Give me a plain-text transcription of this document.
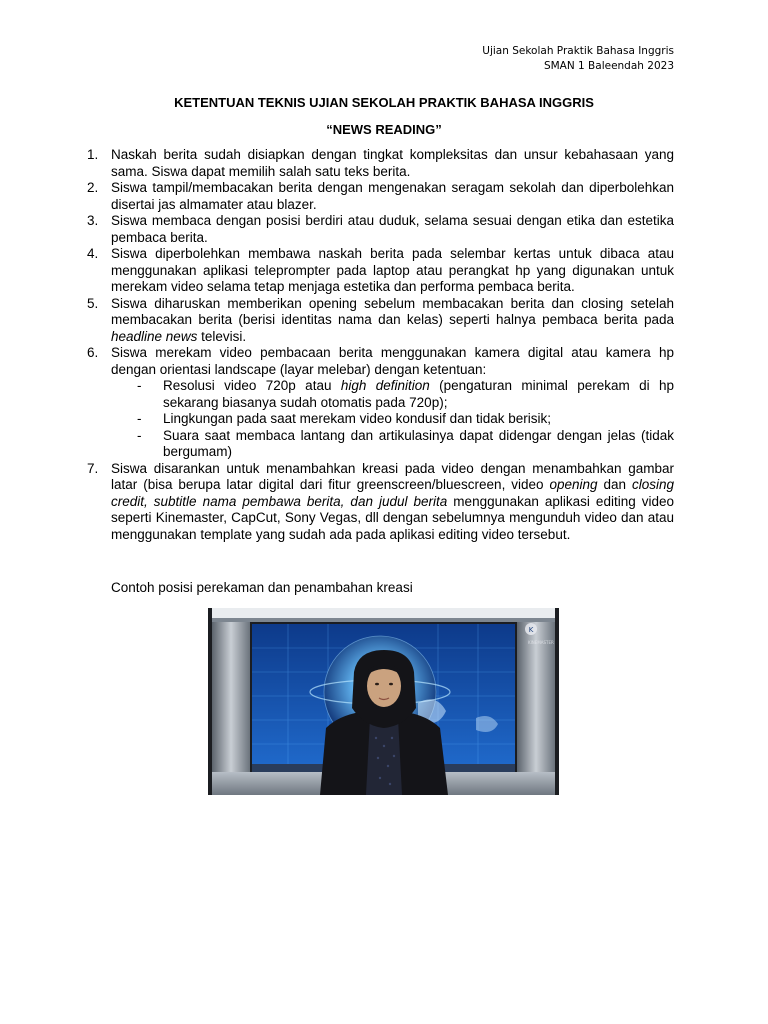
Ujian Sekolah Praktik Bahasa Inggris
SMAN 1 Baleendah 2023
KETENTUAN TEKNIS UJIAN SEKOLAH PRAKTIK BAHASA INGGRIS
“NEWS READING”
1. Naskah berita sudah disiapkan dengan tingkat kompleksitas dan unsur kebahasaan yang sama. Siswa dapat memilih salah satu teks berita.
2. Siswa tampil/membacakan berita dengan mengenakan seragam sekolah dan diperbolehkan disertai jas almamater atau blazer.
3. Siswa membaca dengan posisi berdiri atau duduk, selama sesuai dengan etika dan estetika pembaca berita.
4. Siswa diperbolehkan membawa naskah berita pada selembar kertas untuk dibaca atau menggunakan aplikasi teleprompter pada laptop atau perangkat hp yang digunakan untuk merekam video selama tetap menjaga estetika dan performa pembaca berita.
5. Siswa diharuskan memberikan opening sebelum membacakan berita dan closing setelah membacakan berita (berisi identitas nama dan kelas) seperti halnya pembaca berita pada headline news televisi.
6. Siswa merekam video pembacaan berita menggunakan kamera digital atau kamera hp dengan orientasi landscape (layar melebar) dengan ketentuan:
- Resolusi video 720p atau high definition (pengaturan minimal perekam di hp sekarang biasanya sudah otomatis pada 720p);
- Lingkungan pada saat merekam video kondusif dan tidak berisik;
- Suara saat membaca lantang dan artikulasinya dapat didengar dengan jelas (tidak bergumam)
7. Siswa disarankan untuk menambahkan kreasi pada video dengan menambahkan gambar latar (bisa berupa latar digital dari fitur greenscreen/bluescreen, video opening dan closing credit, subtitle nama pembawa berita, dan judul berita menggunakan aplikasi editing video seperti Kinemaster, CapCut, Sony Vegas, dll dengan sebelumnya mengunduh video dan atau menggunakan template yang sudah ada pada aplikasi editing video tersebut.
Contoh posisi perekaman dan penambahan kreasi
K
KINEMASTER
